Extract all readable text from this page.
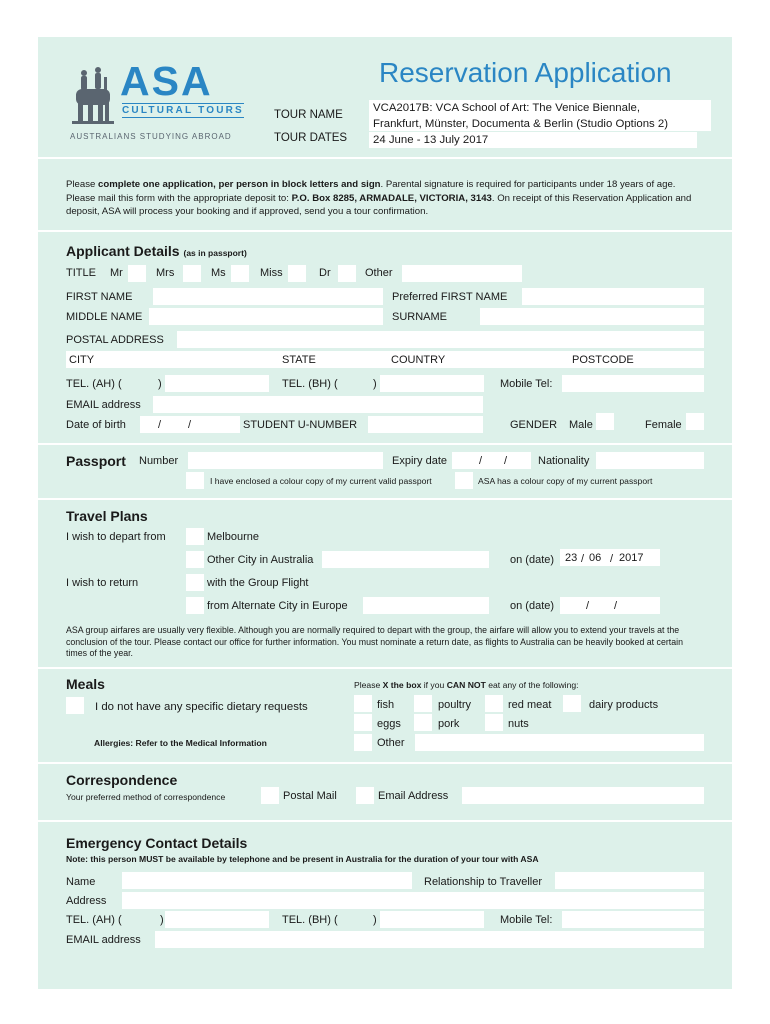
ASA
CULTURAL TOURS
AUSTRALIANS STUDYING ABROAD
Reservation Application
TOUR NAME
TOUR DATES
VCA2017B: VCA School of Art: The Venice Biennale,
Frankfurt, Münster, Documenta & Berlin (Studio Options 2)
24 June - 13 July 2017
Please complete one application, per person in block letters and sign. Parental signature is required for participants under 18 years of age. Please mail this form with the appropriate deposit to: P.O. Box 8285, ARMADALE, VICTORIA, 3143. On receipt of this Reservation Application and deposit, ASA will process your booking and if approved, send you a tour confirmation.
Applicant Details (as in passport)
TITLE Mr	Mrs	Ms	Miss	Dr	Other
FIRST NAME	Preferred FIRST NAME
MIDDLE NAME	SURNAME
POSTAL ADDRESS
CITY	STATE	COUNTRY	POSTCODE
TEL. (AH) (	)	TEL. (BH) (	)	Mobile Tel:
EMAIL address
Date of birth	/ /	STUDENT U-NUMBER	GENDER Male	Female
Passport Number	Expiry date	/ /	Nationality
I have enclosed a colour copy of my current valid passport	ASA has a colour copy of my current passport
Travel Plans
I wish to depart from	Melbourne
Other City in Australia	on (date) 23 / 06 / 2017
I wish to return	with the Group Flight
from Alternate City in Europe	on (date)	/ /
ASA group airfares are usually very flexible. Although you are normally required to depart with the group, the airfare will allow you to extend your travels at the conclusion of the tour. Please contact our office for further information. You must nominate a return date, as flights to Australia can be heavily booked at certain times of the year.
Meals	Please X the box if you CAN NOT eat any of the following:
I do not have any specific dietary requests
Allergies: Refer to the Medical Information
fish	poultry	red meat	dairy products
eggs	pork	nuts
Other
Correspondence
Your preferred method of correspondence	Postal Mail	Email Address
Emergency Contact Details
Note: this person MUST be available by telephone and be present in Australia for the duration of your tour with ASA
Name	Relationship to Traveller
Address
TEL. (AH) (	)	TEL. (BH) (	)	Mobile Tel:
EMAIL address
